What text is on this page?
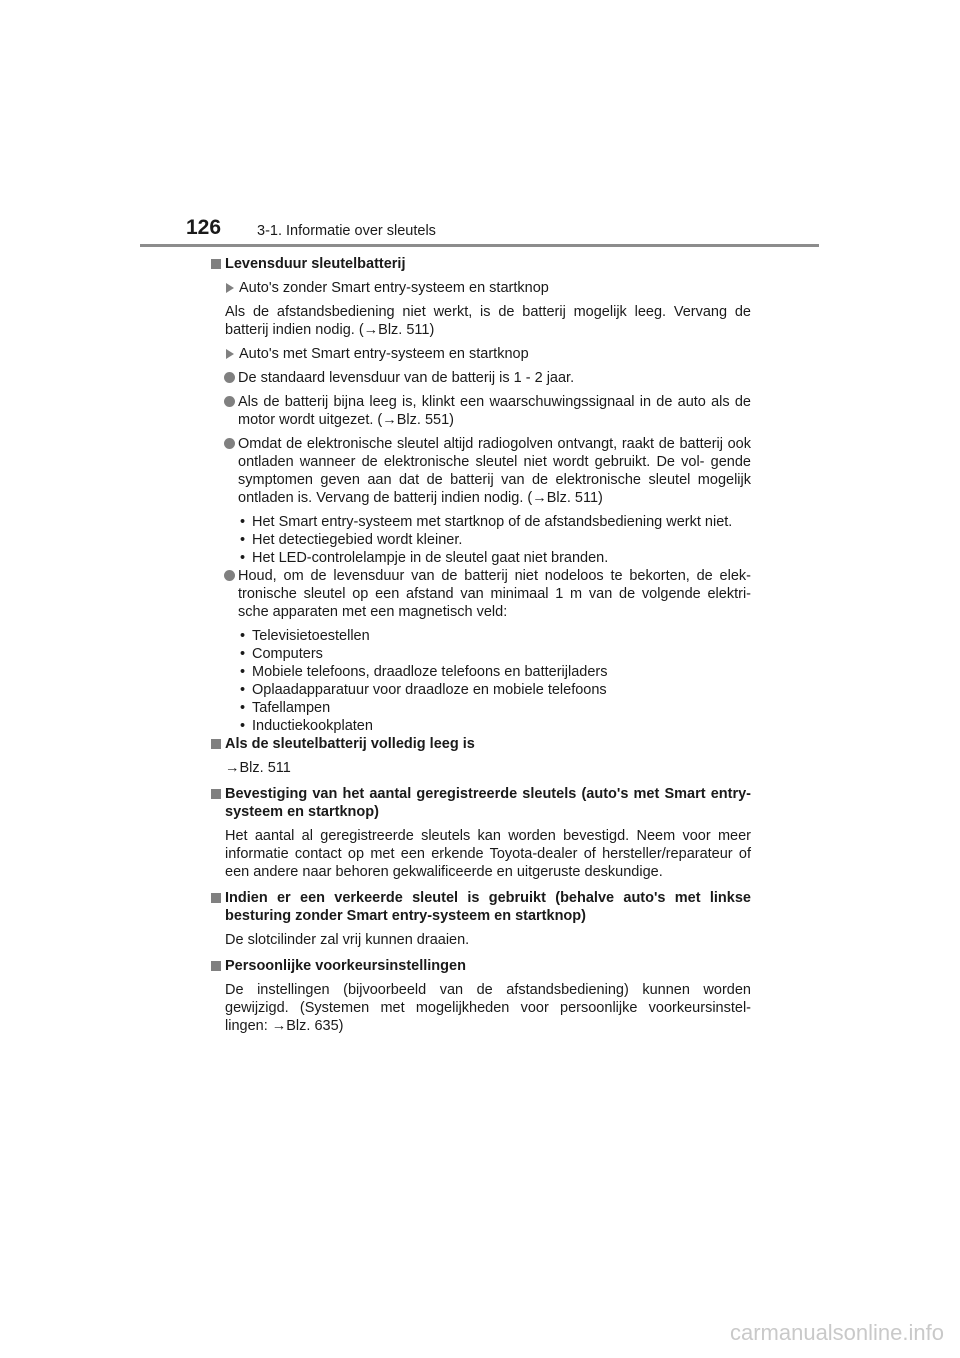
126 3-1. Informatie over sleutels

Levensduur sleutelbatterij

Auto's zonder Smart entry-systeem en startknop

Als de afstandsbediening niet werkt, is de batterij mogelijk leeg. Vervang de batterij indien nodig. (→Blz. 511)

Auto's met Smart entry-systeem en startknop

De standaard levensduur van de batterij is 1 - 2 jaar.

Als de batterij bijna leeg is, klinkt een waarschuwingssignaal in de auto als de motor wordt uitgezet. (→Blz. 551)

Omdat de elektronische sleutel altijd radiogolven ontvangt, raakt de batterij ook ontladen wanneer de elektronische sleutel niet wordt gebruikt. De vol- gende symptomen geven aan dat de batterij van de elektronische sleutel mogelijk ontladen is. Vervang de batterij indien nodig. (→Blz. 511)

• Het Smart entry-systeem met startknop of de afstandsbediening werkt niet.
• Het detectiegebied wordt kleiner.
• Het LED-controlelampje in de sleutel gaat niet branden.

Houd, om de levensduur van de batterij niet nodeloos te bekorten, de elek- tronische sleutel op een afstand van minimaal 1 m van de volgende elektri- sche apparaten met een magnetisch veld:

• Televisietoestellen
• Computers
• Mobiele telefoons, draadloze telefoons en batterijladers
• Oplaadapparatuur voor draadloze en mobiele telefoons
• Tafellampen
• Inductiekookplaten

Als de sleutelbatterij volledig leeg is

→Blz. 511

Bevestiging van het aantal geregistreerde sleutels (auto's met Smart entry-systeem en startknop)

Het aantal al geregistreerde sleutels kan worden bevestigd. Neem voor meer informatie contact op met een erkende Toyota-dealer of hersteller/reparateur of een andere naar behoren gekwalificeerde en uitgeruste deskundige.

Indien er een verkeerde sleutel is gebruikt (behalve auto's met linkse besturing zonder Smart entry-systeem en startknop)

De slotcilinder zal vrij kunnen draaien.

Persoonlijke voorkeursinstellingen

De instellingen (bijvoorbeeld van de afstandsbediening) kunnen worden gewijzigd. (Systemen met mogelijkheden voor persoonlijke voorkeursinstel- lingen: →Blz. 635)

carmanualsonline.info
